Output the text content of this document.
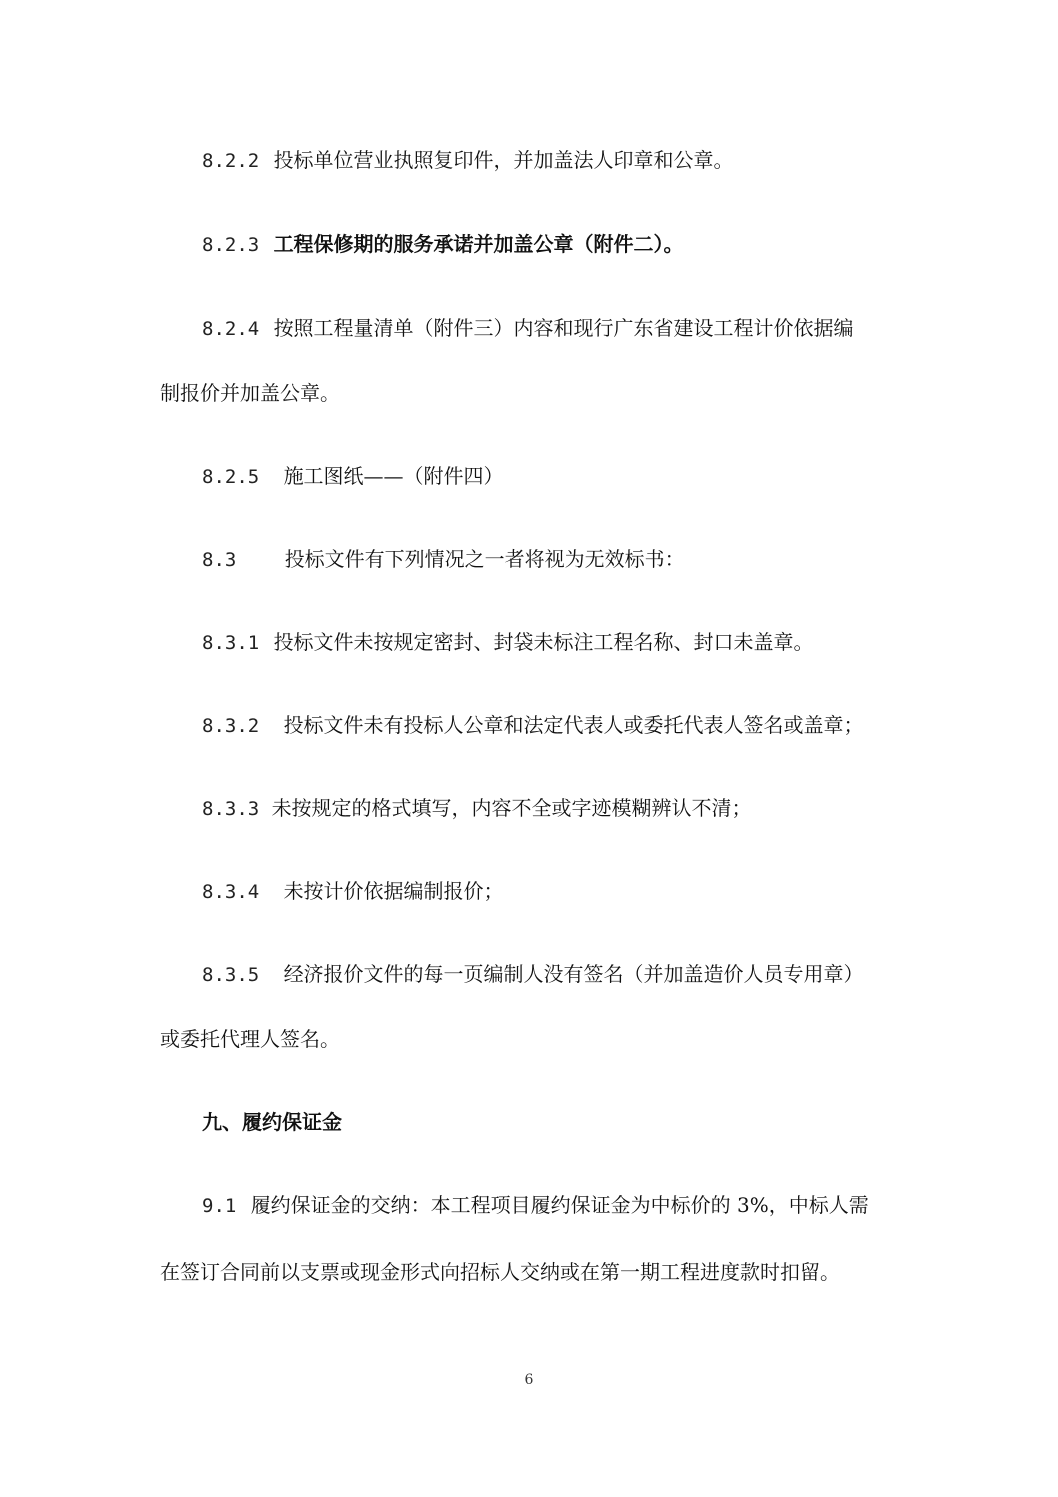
8.2.2 投标单位营业执照复印件，并加盖法人印章和公章。
8.2.3 工程保修期的服务承诺并加盖公章（附件二）。
8.2.4 按照工程量清单（附件三）内容和现行广东省建设工程计价依据编
制报价并加盖公章。
8.2.5 施工图纸——（附件四）
8.3 投标文件有下列情况之一者将视为无效标书：
8.3.1 投标文件未按规定密封、封袋未标注工程名称、封口未盖章。
8.3.2 投标文件未有投标人公章和法定代表人或委托代表人签名或盖章；
8.3.3 未按规定的格式填写，内容不全或字迹模糊辨认不清；
8.3.4 未按计价依据编制报价；
8.3.5 经济报价文件的每一页编制人没有签名（并加盖造价人员专用章）
或委托代理人签名。
九、履约保证金
9.1 履约保证金的交纳：本工程项目履约保证金为中标价的 3%，中标人需
在签订合同前以支票或现金形式向招标人交纳或在第一期工程进度款时扣留。
6
